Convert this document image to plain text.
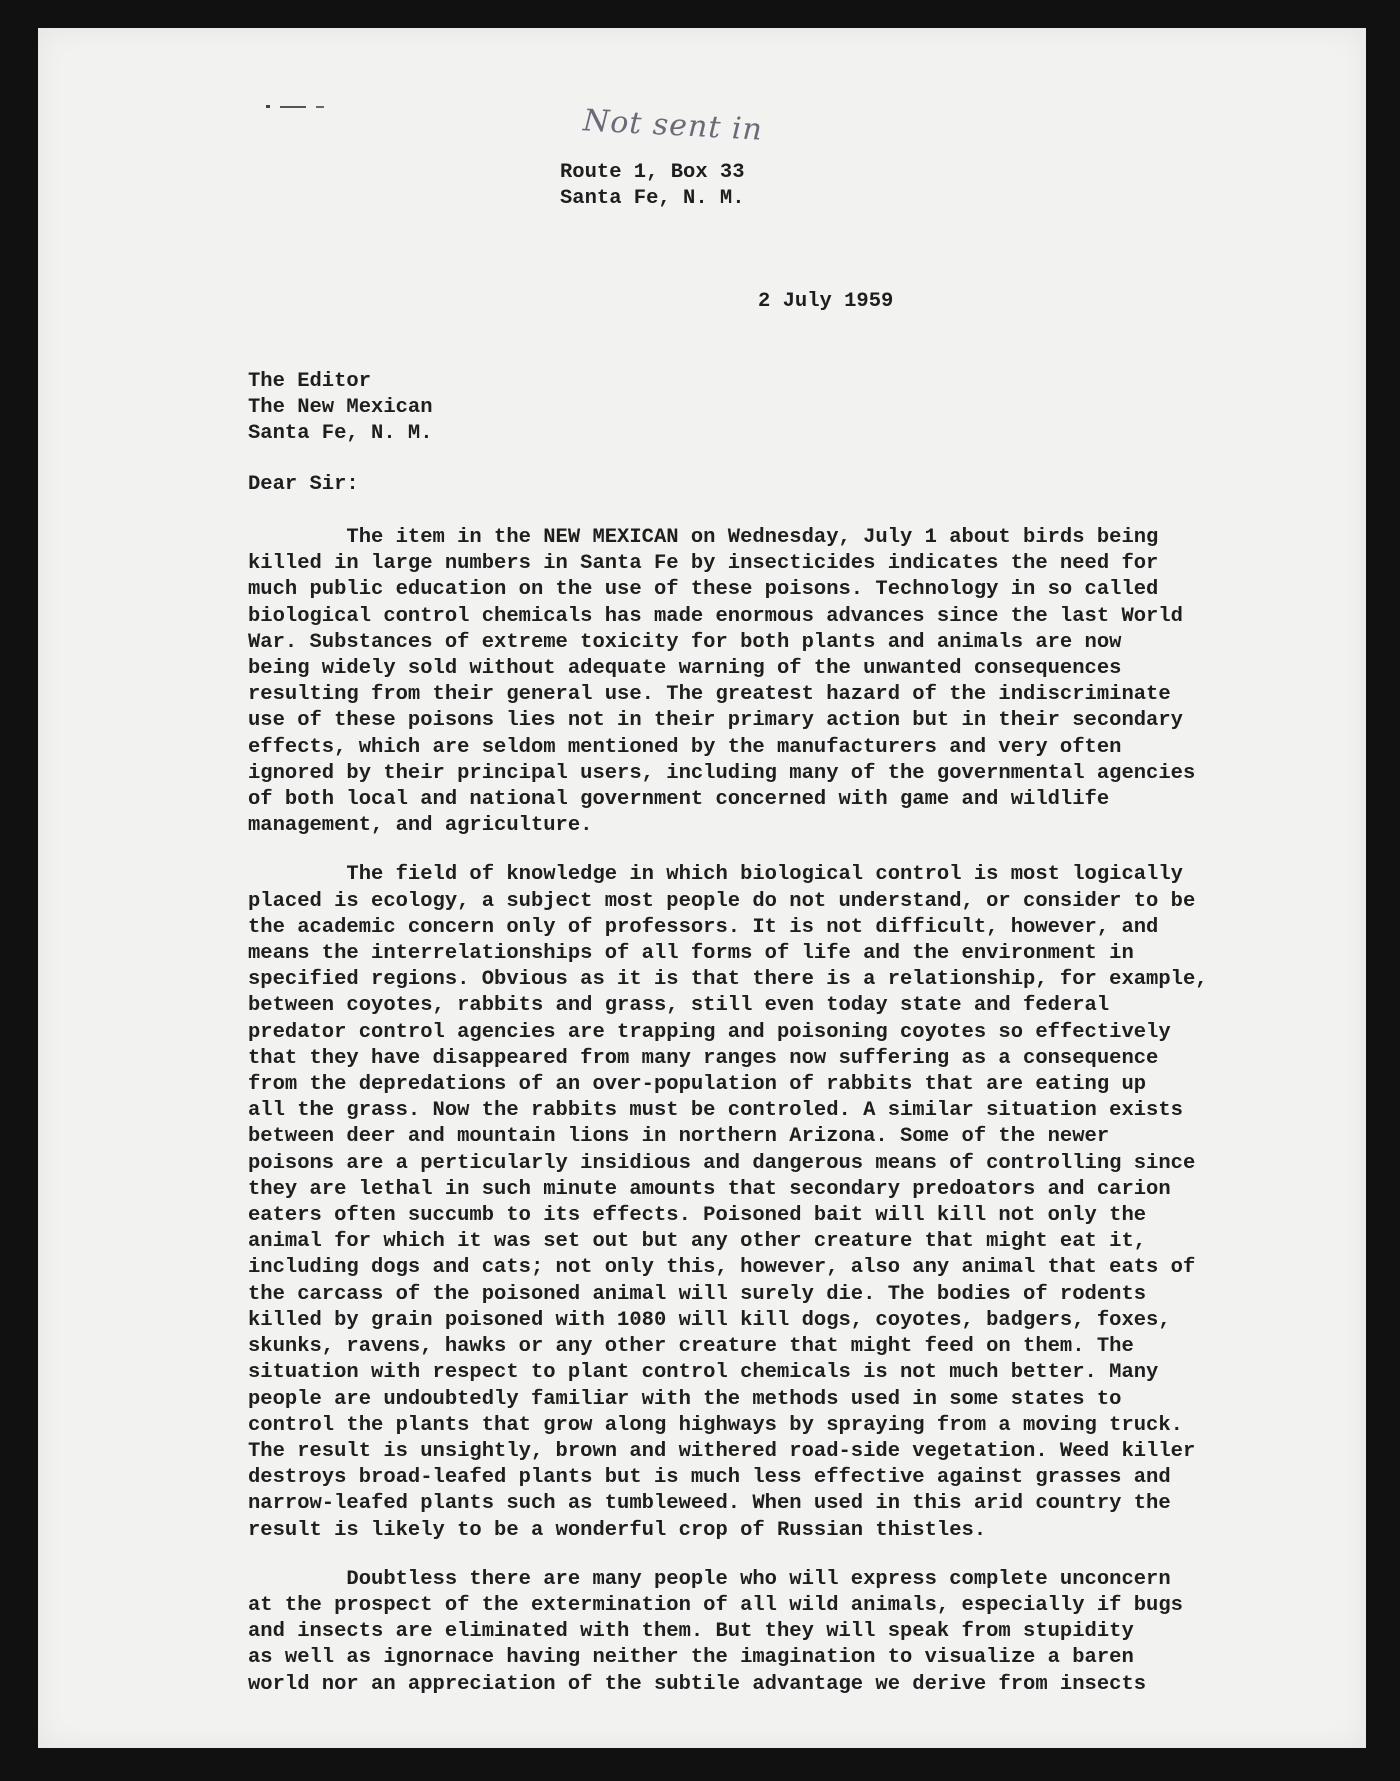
Not sent in
Route 1, Box 33
Santa Fe, N. M.
2 July 1959
The Editor
The New Mexican
Santa Fe, N. M.
Dear Sir:
The item in the NEW MEXICAN on Wednesday, July 1 about birds being
killed in large numbers in Santa Fe by insecticides indicates the need for
much public education on the use of these poisons. Technology in so called
biological control chemicals has made enormous advances since the last World
War. Substances of extreme toxicity for both plants and animals are now
being widely sold without adequate warning of the unwanted consequences
resulting from their general use. The greatest hazard of the indiscriminate
use of these poisons lies not in their primary action but in their secondary
effects, which are seldom mentioned by the manufacturers and very often
ignored by their principal users, including many of the governmental agencies
of both local and national government concerned with game and wildlife
management, and agriculture.
The field of knowledge in which biological control is most logically
placed is ecology, a subject most people do not understand, or consider to be
the academic concern only of professors. It is not difficult, however, and
means the interrelationships of all forms of life and the environment in
specified regions. Obvious as it is that there is a relationship, for example,
between coyotes, rabbits and grass, still even today state and federal
predator control agencies are trapping and poisoning coyotes so effectively
that they have disappeared from many ranges now suffering as a consequence
from the depredations of an over-population of rabbits that are eating up
all the grass. Now the rabbits must be controled. A similar situation exists
between deer and mountain lions in northern Arizona. Some of the newer
poisons are a perticularly insidious and dangerous means of controlling since
they are lethal in such minute amounts that secondary predoators and carion
eaters often succumb to its effects. Poisoned bait will kill not only the
animal for which it was set out but any other creature that might eat it,
including dogs and cats; not only this, however, also any animal that eats of
the carcass of the poisoned animal will surely die. The bodies of rodents
killed by grain poisoned with 1080 will kill dogs, coyotes, badgers, foxes,
skunks, ravens, hawks or any other creature that might feed on them. The
situation with respect to plant control chemicals is not much better. Many
people are undoubtedly familiar with the methods used in some states to
control the plants that grow along highways by spraying from a moving truck.
The result is unsightly, brown and withered road-side vegetation. Weed killer
destroys broad-leafed plants but is much less effective against grasses and
narrow-leafed plants such as tumbleweed. When used in this arid country the
result is likely to be a wonderful crop of Russian thistles.
Doubtless there are many people who will express complete unconcern
at the prospect of the extermination of all wild animals, especially if bugs
and insects are eliminated with them. But they will speak from stupidity
as well as ignornace having neither the imagination to visualize a baren
world nor an appreciation of the subtile advantage we derive from insects
